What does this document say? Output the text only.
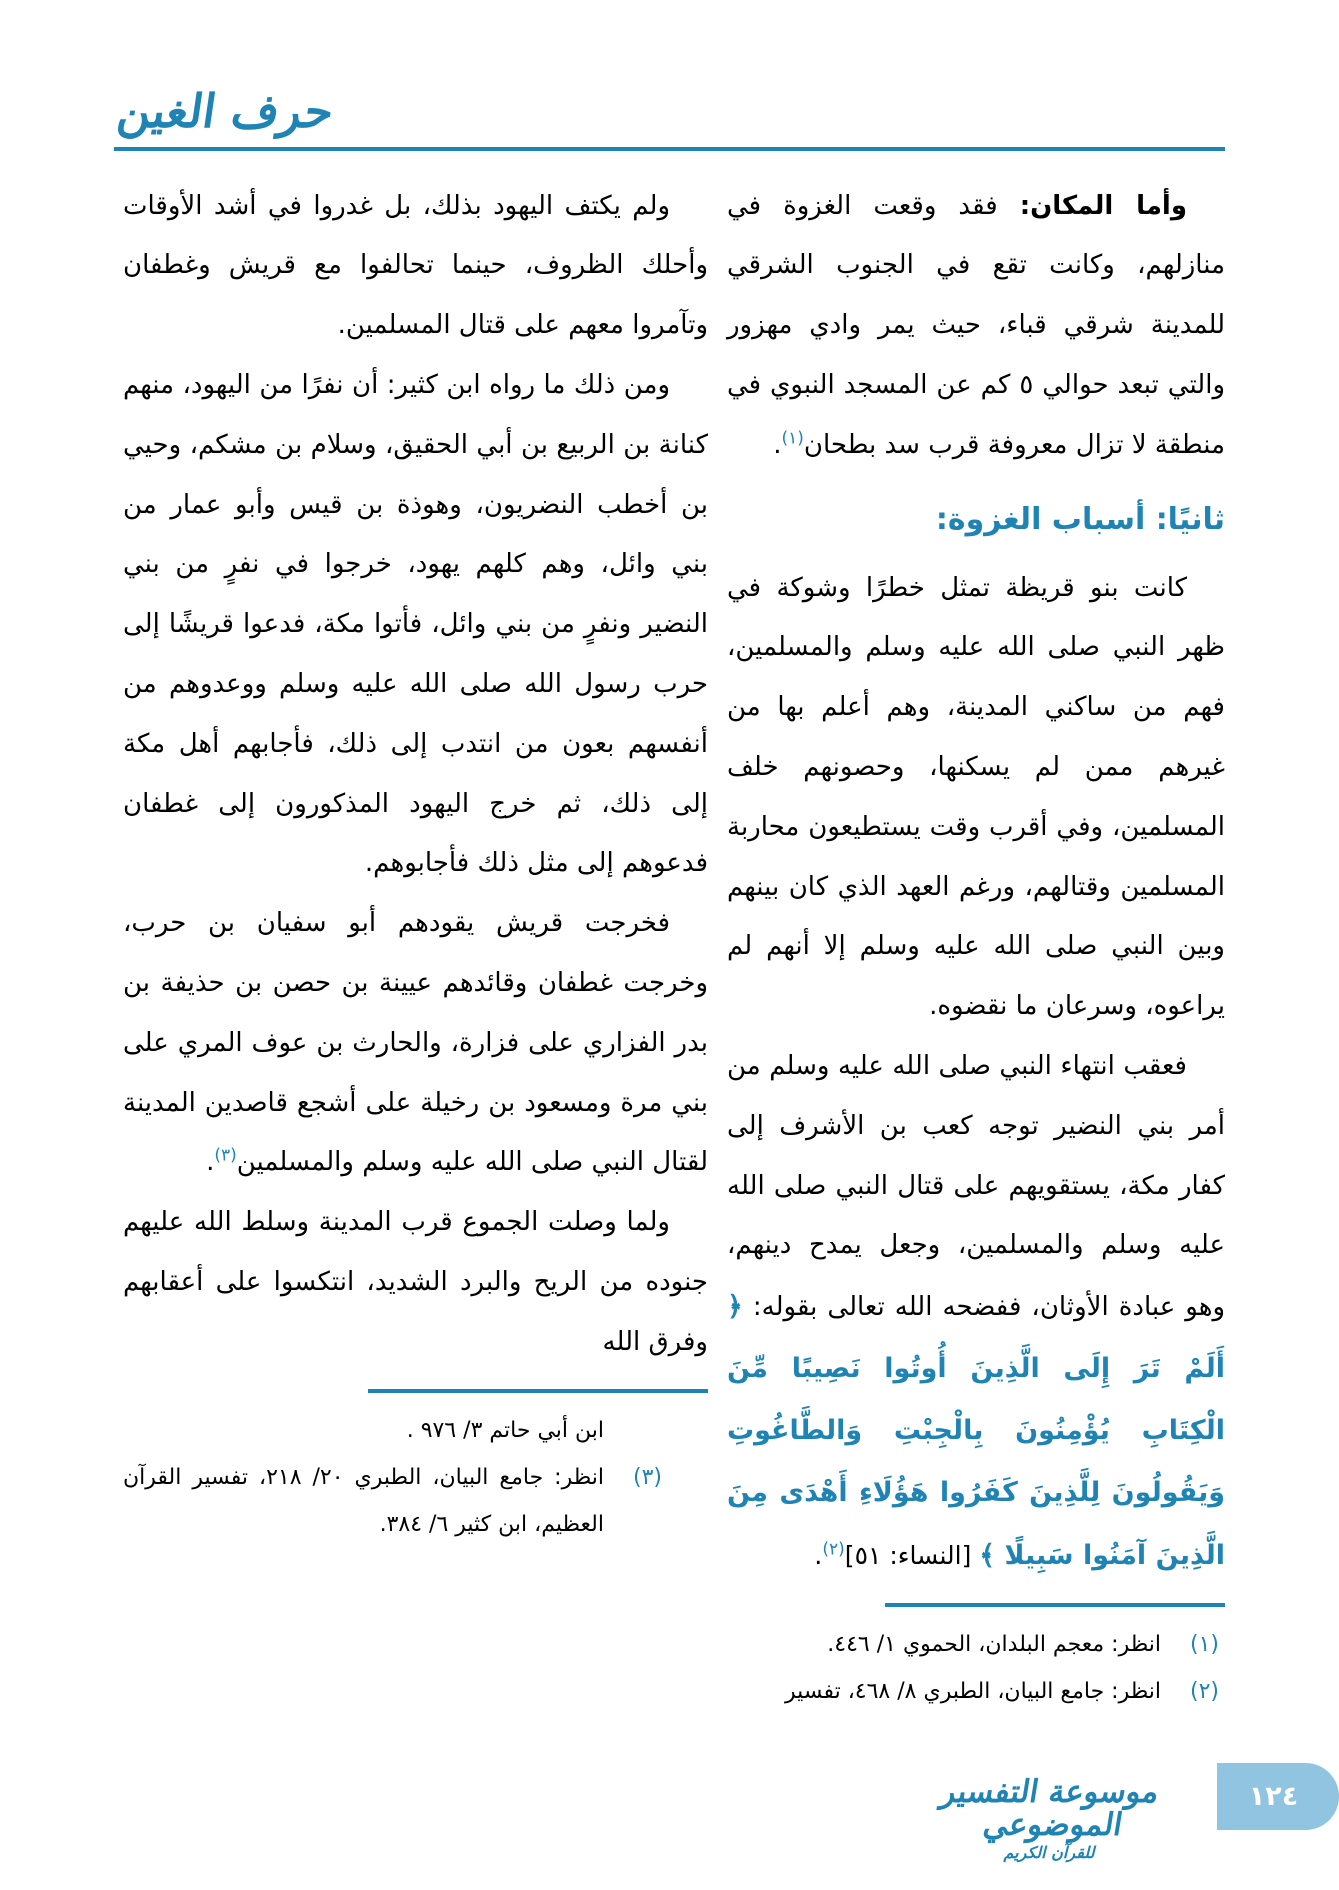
حرف الغين

وأما المكان: فقد وقعت الغزوة في منازلهم، وكانت تقع في الجنوب الشرقي للمدينة شرقي قباء، حيث يمر وادي مهزور والتي تبعد حوالي ٥ كم عن المسجد النبوي في منطقة لا تزال معروفة قرب سد بطحان$^{(١)}$.

ثانيًا: أسباب الغزوة:

كانت بنو قريظة تمثل خطرًا وشوكة في ظهر النبي صلى الله عليه وسلم والمسلمين، فهم من ساكني المدينة، وهم أعلم بها من غيرهم ممن لم يسكنها، وحصونهم خلف المسلمين، وفي أقرب وقت يستطيعون محاربة المسلمين وقتالهم، ورغم العهد الذي كان بينهم وبين النبي صلى الله عليه وسلم إلا أنهم لم يراعوه، وسرعان ما نقضوه.

فعقب انتهاء النبي صلى الله عليه وسلم من أمر بني النضير توجه كعب بن الأشرف إلى كفار مكة، يستقويهم على قتال النبي صلى الله عليه وسلم والمسلمين، وجعل يمدح دينهم، وهو عبادة الأوثان، ففضحه الله تعالى بقوله: ﴿ أَلَمْ تَرَ إِلَى الَّذِينَ أُوتُوا نَصِيبًا مِّنَ الْكِتَابِ يُؤْمِنُونَ بِالْجِبْتِ وَالطَّاغُوتِ وَيَقُولُونَ لِلَّذِينَ كَفَرُوا هَؤُلَاءِ أَهْدَى مِنَ الَّذِينَ آمَنُوا سَبِيلًا ﴾ [النساء: ٥١]$^{(٢)}$.

(١)
انظر: معجم البلدان، الحموي ١/ ٤٤٦.
(٢)
انظر: جامع البيان، الطبري ٨/ ٤٦٨، تفسير

ولم يكتف اليهود بذلك، بل غدروا في أشد الأوقات وأحلك الظروف، حينما تحالفوا مع قريش وغطفان وتآمروا معهم على قتال المسلمين.

ومن ذلك ما رواه ابن كثير: أن نفرًا من اليهود، منهم كنانة بن الربيع بن أبي الحقيق، وسلام بن مشكم، وحيي بن أخطب النضريون، وهوذة بن قيس وأبو عمار من بني وائل، وهم كلهم يهود، خرجوا في نفرٍ من بني النضير ونفرٍ من بني وائل، فأتوا مكة، فدعوا قريشًا إلى حرب رسول الله صلى الله عليه وسلم ووعدوهم من أنفسهم بعون من انتدب إلى ذلك، فأجابهم أهل مكة إلى ذلك، ثم خرج اليهود المذكورون إلى غطفان فدعوهم إلى مثل ذلك فأجابوهم.

فخرجت قريش يقودهم أبو سفيان بن حرب، وخرجت غطفان وقائدهم عيينة بن حصن بن حذيفة بن بدر الفزاري على فزارة، والحارث بن عوف المري على بني مرة ومسعود بن رخيلة على أشجع قاصدين المدينة لقتال النبي صلى الله عليه وسلم والمسلمين$^{(٣)}$.

ولما وصلت الجموع قرب المدينة وسلط الله عليهم جنوده من الريح والبرد الشديد، انتكسوا على أعقابهم وفرق الله

ابن أبي حاتم ٣/ ٩٧٦ .
(٣)
انظر: جامع البيان، الطبري ٢٠/ ٢١٨، تفسير القرآن العظيم، ابن كثير ٦/ ٣٨٤.
موسوعة التفسير الموضوعي
للقرآن الكريم
١٢٤
